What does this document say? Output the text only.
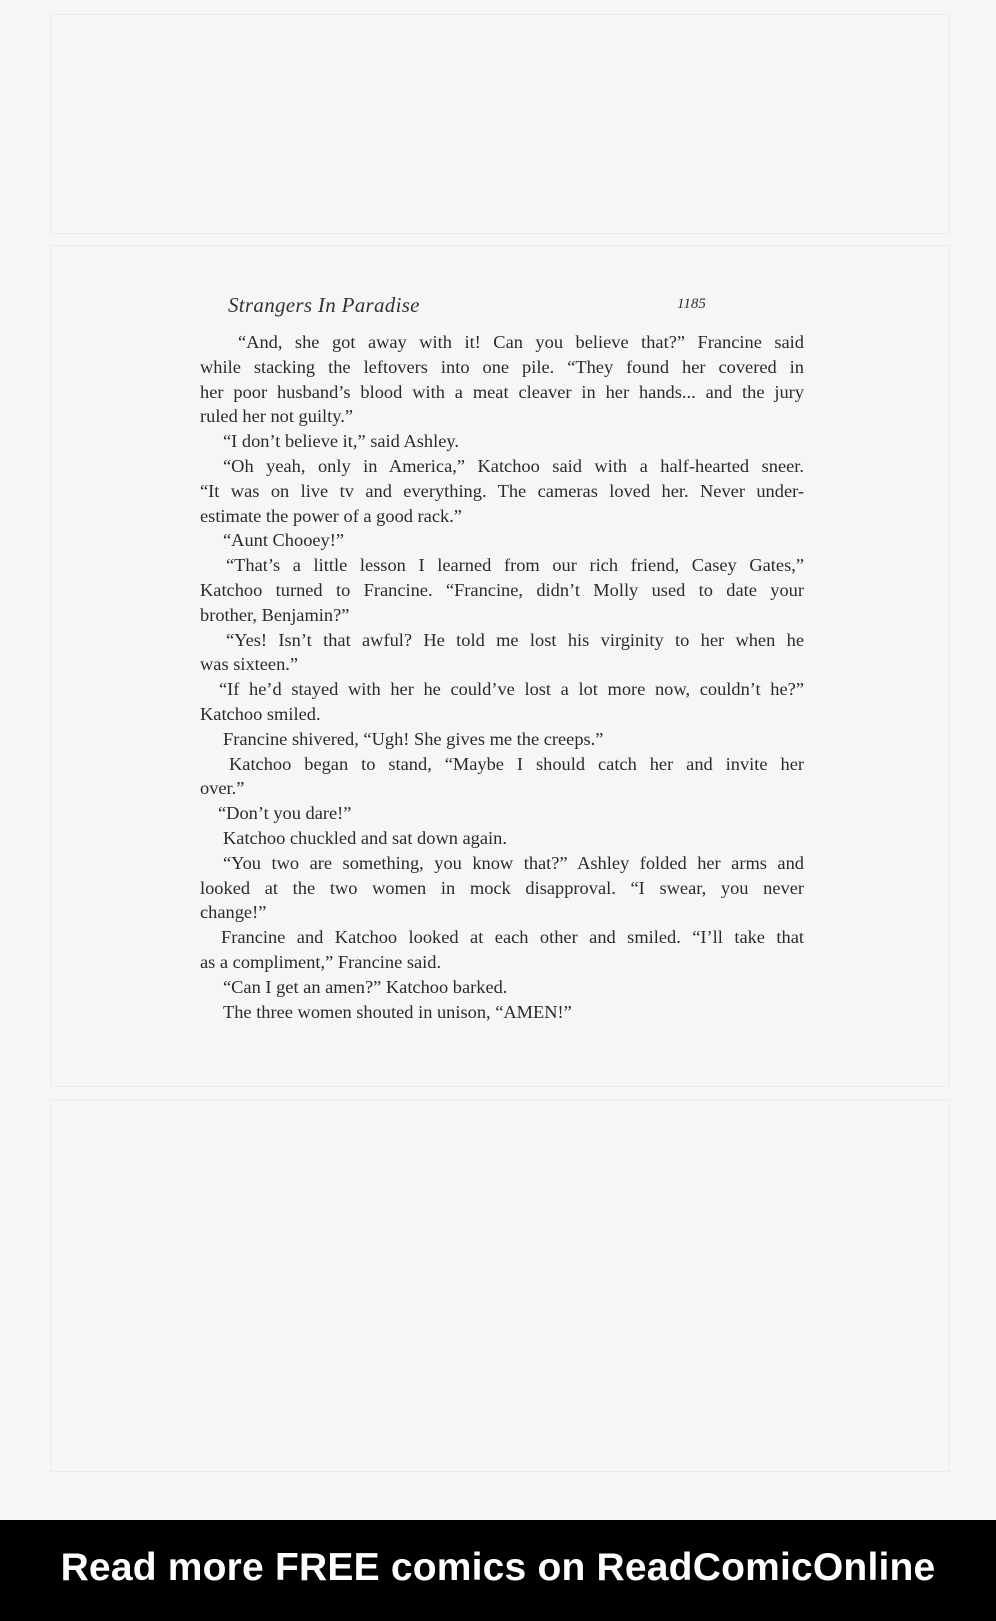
Strangers In Paradise	1185

“And, she got away with it! Can you believe that?” Francine said

while stacking the leftovers into one pile. “They found her covered in

her poor husband’s blood with a meat cleaver in her hands... and the jury

ruled her not guilty.”

“I don’t believe it,” said Ashley.

“Oh yeah, only in America,” Katchoo said with a half-hearted sneer.

“It was on live tv and everything. The cameras loved her. Never under-

estimate the power of a good rack.”

“Aunt Chooey!”

“That’s a little lesson I learned from our rich friend, Casey Gates,”

Katchoo turned to Francine. “Francine, didn’t Molly used to date your

brother, Benjamin?”

“Yes! Isn’t that awful? He told me lost his virginity to her when he

was sixteen.”

“If he’d stayed with her he could’ve lost a lot more now, couldn’t he?”

Katchoo smiled.

Francine shivered, “Ugh! She gives me the creeps.”

Katchoo began to stand, “Maybe I should catch her and invite her

over.”

“Don’t you dare!”

Katchoo chuckled and sat down again.

“You two are something, you know that?” Ashley folded her arms and

looked at the two women in mock disapproval. “I swear, you never

change!”

Francine and Katchoo looked at each other and smiled. “I’ll take that

as a compliment,” Francine said.

“Can I get an amen?” Katchoo barked.

The three women shouted in unison, “AMEN!”

Read more FREE comics on ReadComicOnline
